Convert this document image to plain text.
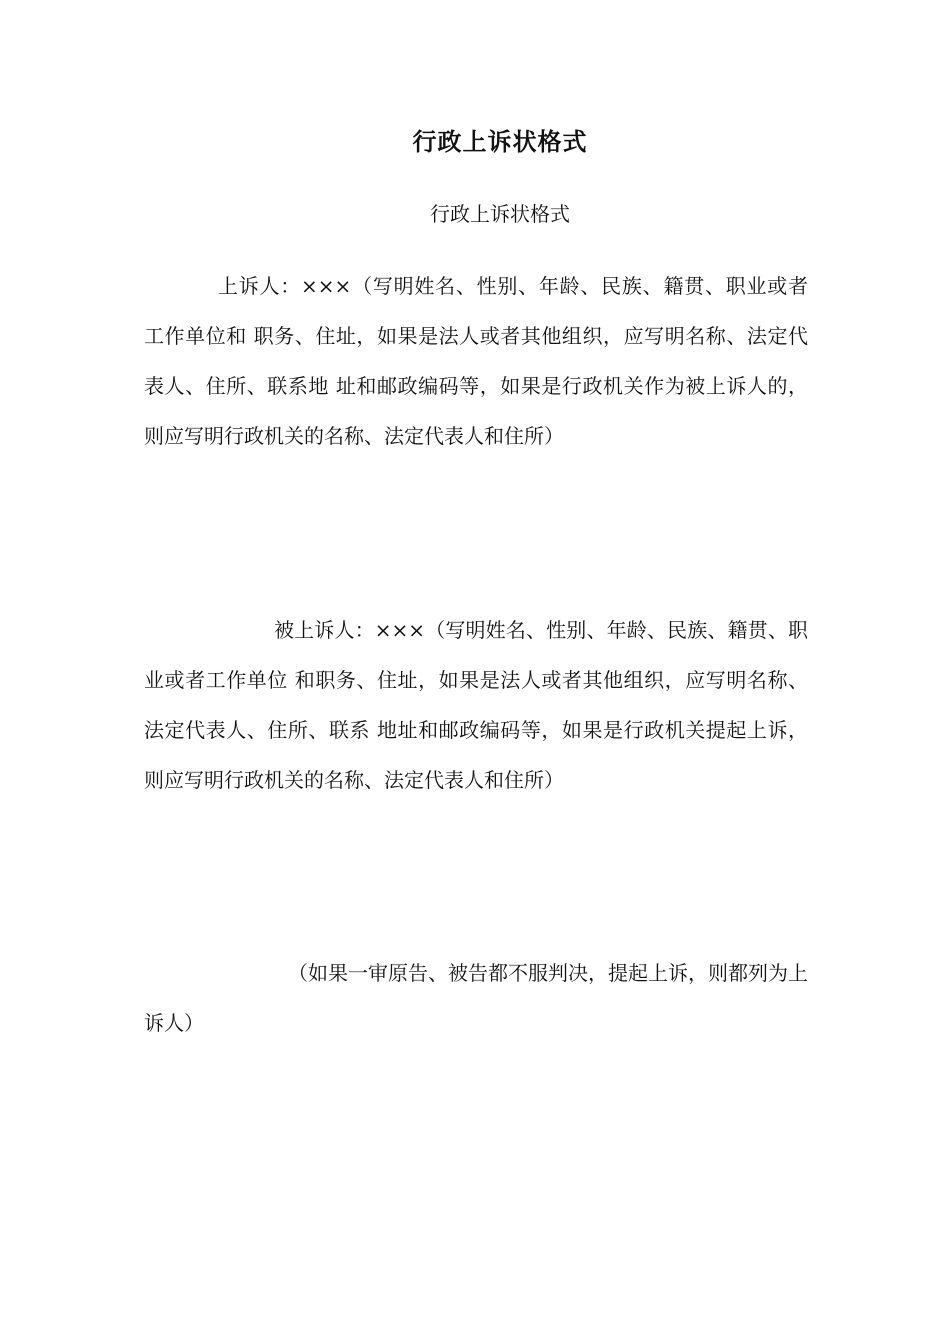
行政上诉状格式
行政上诉状格式

上诉人：×××（写明姓名、性别、年龄、民族、籍贯、职业或者工作单位和 职务、住址，如果是法人或者其他组织，应写明名称、法定代表人、住所、联系地 址和邮政编码等，如果是行政机关作为被上诉人的，则应写明行政机关的名称、法定代表人和住所）

被上诉人：×××（写明姓名、性别、年龄、民族、籍贯、职业或者工作单位 和职务、住址，如果是法人或者其他组织，应写明名称、法定代表人、住所、联系 地址和邮政编码等，如果是行政机关提起上诉，则应写明行政机关的名称、法定代表人和住所）

（如果一审原告、被告都不服判决，提起上诉，则都列为上诉人）
